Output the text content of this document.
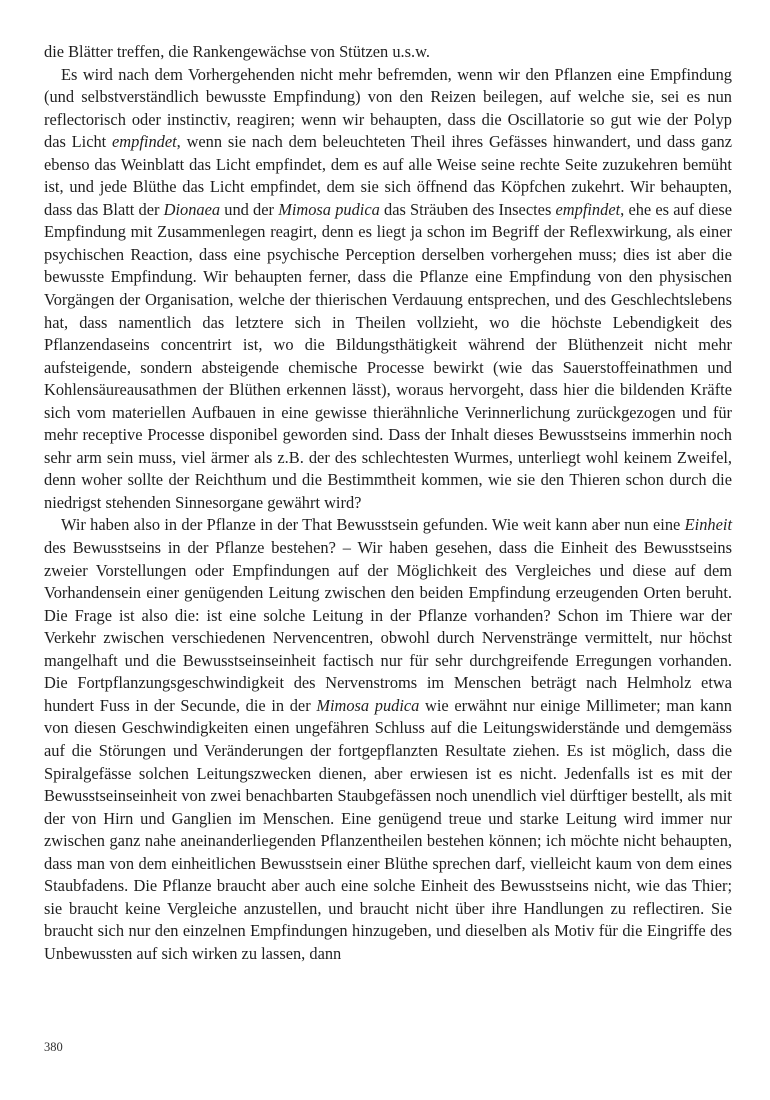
die Blätter treffen, die Rankengewächse von Stützen u.s.w.

Es wird nach dem Vorhergehenden nicht mehr befremden, wenn wir den Pflanzen eine Empfindung (und selbstverständlich bewusste Empfindung) von den Reizen beilegen, auf welche sie, sei es nun reflectorisch oder instinctiv, reagiren; wenn wir behaupten, dass die Oscillatorie so gut wie der Polyp das Licht empfindet, wenn sie nach dem beleuchteten Theil ihres Gefässes hinwandert, und dass ganz ebenso das Weinblatt das Licht empfindet, dem es auf alle Weise seine rechte Seite zuzukehren bemüht ist, und jede Blüthe das Licht empfindet, dem sie sich öffnend das Köpfchen zukehrt. Wir behaupten, dass das Blatt der Dionaea und der Mimosa pudica das Sträuben des Insectes empfindet, ehe es auf diese Empfindung mit Zusammenlegen reagirt, denn es liegt ja schon im Begriff der Reflexwirkung, als einer psychischen Reaction, dass eine psychische Perception derselben vorhergehen muss; dies ist aber die bewusste Empfindung. Wir behaupten ferner, dass die Pflanze eine Empfindung von den physischen Vorgängen der Organisation, welche der thierischen Verdauung entsprechen, und des Geschlechtslebens hat, dass namentlich das letztere sich in Theilen vollzieht, wo die höchste Lebendigkeit des Pflanzendaseins concentrirt ist, wo die Bildungsthätigkeit während der Blüthenzeit nicht mehr aufsteigende, sondern absteigende chemische Processe bewirkt (wie das Sauerstoffeinathmen und Kohlensäureausathmen der Blüthen erkennen lässt), woraus hervorgeht, dass hier die bildenden Kräfte sich vom materiellen Aufbauen in eine gewisse thierähnliche Verinnerlichung zurückgezogen und für mehr receptive Processe disponibel geworden sind. Dass der Inhalt dieses Bewusstseins immerhin noch sehr arm sein muss, viel ärmer als z.B. der des schlechtesten Wurmes, unterliegt wohl keinem Zweifel, denn woher sollte der Reichthum und die Bestimmtheit kommen, wie sie den Thieren schon durch die niedrigst stehenden Sinnesorgane gewährt wird?

Wir haben also in der Pflanze in der That Bewusstsein gefunden. Wie weit kann aber nun eine Einheit des Bewusstseins in der Pflanze bestehen? – Wir haben gesehen, dass die Einheit des Bewusstseins zweier Vorstellungen oder Empfindungen auf der Möglichkeit des Vergleiches und diese auf dem Vorhandensein einer genügenden Leitung zwischen den beiden Empfindung erzeugenden Orten beruht. Die Frage ist also die: ist eine solche Leitung in der Pflanze vorhanden? Schon im Thiere war der Verkehr zwischen verschiedenen Nervencentren, obwohl durch Nervenstränge vermittelt, nur höchst mangelhaft und die Bewusstseinseinheit factisch nur für sehr durchgreifende Erregungen vorhanden. Die Fortpflanzungsgeschwindigkeit des Nervenstroms im Menschen beträgt nach Helmholz etwa hundert Fuss in der Secunde, die in der Mimosa pudica wie erwähnt nur einige Millimeter; man kann von diesen Geschwindigkeiten einen ungefähren Schluss auf die Leitungswiderstände und demgemäss auf die Störungen und Veränderungen der fortgepflanzten Resultate ziehen. Es ist möglich, dass die Spiralgefässe solchen Leitungszwecken dienen, aber erwiesen ist es nicht. Jedenfalls ist es mit der Bewusstseinseinheit von zwei benachbarten Staubgefässen noch unendlich viel dürftiger bestellt, als mit der von Hirn und Ganglien im Menschen. Eine genügend treue und starke Leitung wird immer nur zwischen ganz nahe aneinanderliegenden Pflanzentheilen bestehen können; ich möchte nicht behaupten, dass man von dem einheitlichen Bewusstsein einer Blüthe sprechen darf, vielleicht kaum von dem eines Staubfadens. Die Pflanze braucht aber auch eine solche Einheit des Bewusstseins nicht, wie das Thier; sie braucht keine Vergleiche anzustellen, und braucht nicht über ihre Handlungen zu reflectiren. Sie braucht sich nur den einzelnen Empfindungen hinzugeben, und dieselben als Motiv für die Eingriffe des Unbewussten auf sich wirken zu lassen, dann

380
